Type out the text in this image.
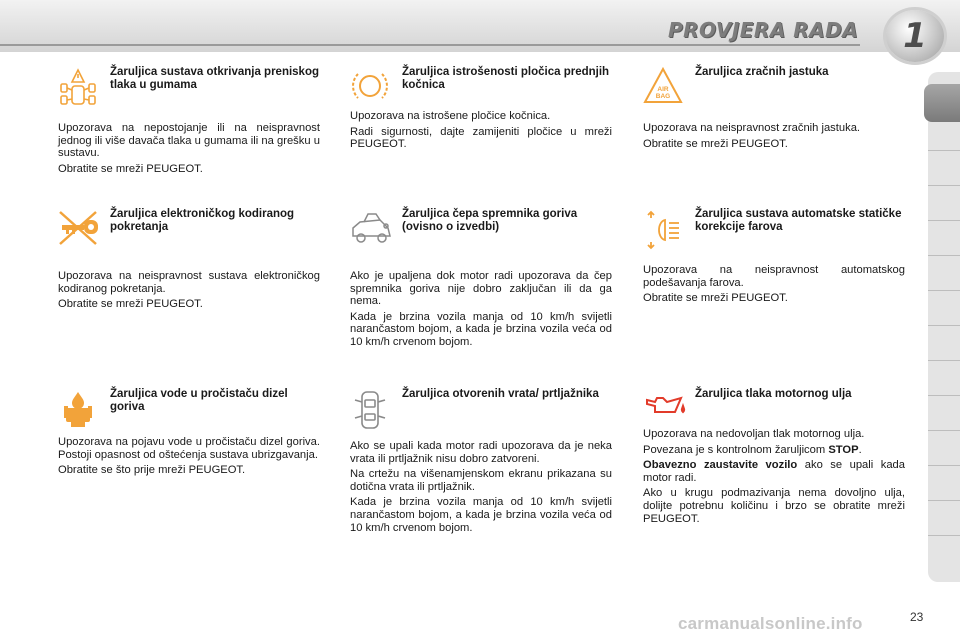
PROVJERA RADA	1
Žaruljica sustava otkrivanja preniskog tlaka u gumama

Upozorava na nepostojanje ili na neispravnost jednog ili više davača tlaka u gumama ili na grešku u sustavu.

Obratite se mreži PEUGEOT.

Žaruljica istrošenosti pločica prednjih kočnica

Upozorava na istrošene pločice kočnica.

Radi sigurnosti, dajte zamijeniti pločice u mreži PEUGEOT.

AIR
BAG
Žaruljica zračnih jastuka

Upozorava na neispravnost zračnih jastuka.

Obratite se mreži PEUGEOT.

Žaruljica elektroničkog kodiranog pokretanja

Upozorava na neispravnost sustava elektroničkog kodiranog pokretanja.

Obratite se mreži PEUGEOT.

Žaruljica čepa spremnika goriva (ovisno o izvedbi)

Ako je upaljena dok motor radi upozorava da čep spremnika goriva nije dobro zaključan ili da ga nema.

Kada je brzina vozila manja od 10 km/h svijetli narančastom bojom, a kada je brzina vozila veća od 10 km/h crvenom bojom.

Žaruljica sustava automatske statičke korekcije farova

Upozorava na neispravnost automatskog podešavanja farova.

Obratite se mreži PEUGEOT.

Žaruljica vode u pročistaču dizel goriva

Upozorava na pojavu vode u pročistaču dizel goriva. Postoji opasnost od oštećenja sustava ubrizgavanja.

Obratite se što prije mreži PEUGEOT.

Žaruljica otvorenih vrata/ prtljažnika

Ako se upali kada motor radi upozorava da je neka vrata ili prtljažnik nisu dobro zatvoreni.

Na crtežu na višenamjenskom ekranu prikazana su dotična vrata ili prtljažnik.

Kada je brzina vozila manja od 10 km/h svijetli narančastom bojom, a kada je brzina vozila veća od 10 km/h crvenom bojom.

Žaruljica tlaka motornog ulja

Upozorava na nedovoljan tlak motornog ulja.

Povezana je s kontrolnom žaruljicom STOP.

Obavezno zaustavite vozilo ako se upali kada motor radi.

Ako u krugu podmazivanja nema dovoljno ulja, dolijte potrebnu količinu i brzo se obratite mreži PEUGEOT.

carmanualsonline.info	23
